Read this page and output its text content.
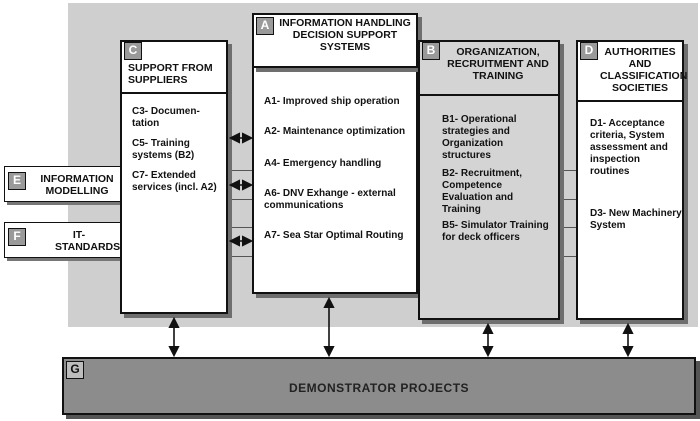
E	INFORMATION MODELLING
F	IT- STANDARDS
C
SUPPORT FROM SUPPLIERS
C3- Documen- tation
C5- Training systems (B2)
C7- Extended services (incl. A2)
A1- Improved ship operation
A2- Maintenance optimization
A4- Emergency handling
A6- DNV Exhange - external communications
A7- Sea Star Optimal Routing
A INFORMATION HANDLING DECISION SUPPORT SYSTEMS	B	ORGANIZATION, RECRUITMENT AND TRAINING
B1- Operational strategies and Organization structures
B2- Recruitment, Competence Evaluation and Training
B5- Simulator Training for deck officers
D	AUTHORITIES AND CLASSIFICATION SOCIETIES
D1- Acceptance criteria, System assessment and inspection routines
D3- New Machinery System
G
DEMONSTRATOR PROJECTS
